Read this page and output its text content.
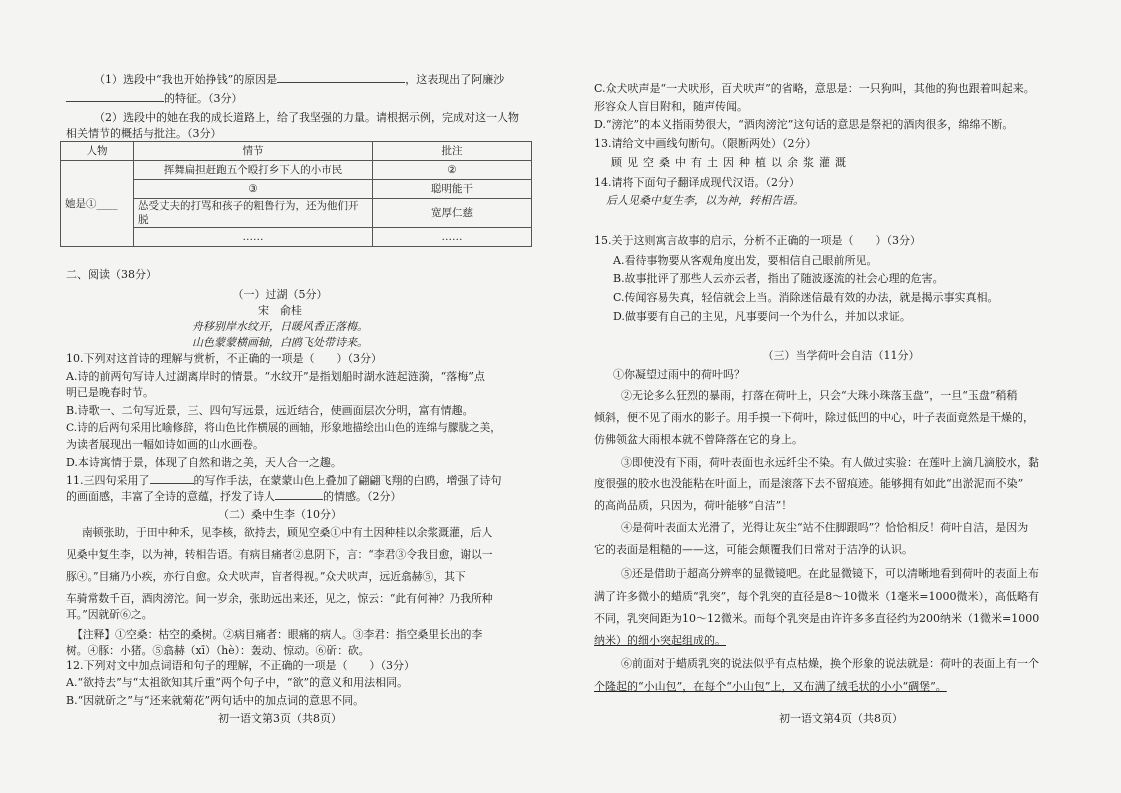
（1）选段中“我也开始挣钱”的原因是	，这表现出了阿廉沙
的特征。（3分）
（2）选段中的她在我的成长道路上，给了我坚强的力量。请根据示例，完成对这一人物
相关情节的概括与批注。（3分）
人物	情节	批注
她是①____	挥舞扁担赶跑五个殴打乡下人的小市民	②
	③	聪明能干
	怂受丈夫的打骂和孩子的粗鲁行为，还为他们开脱	宽厚仁慈
	……	……
二、阅读（38分）
（一）过湖（5分）
宋　俞桂
舟移别岸水纹开，日暖风香正落梅。
山色蒙蒙横画轴，白鸥飞处带诗来。
10.下列对这首诗的理解与赏析，不正确的一项是（　　）（3分）
A.诗的前两句写诗人过湖离岸时的情景。“水纹开”是指划船时湖水涟起涟漪，“落梅”点
明已是晚春时节。
B.诗歌一、二句写近景，三、四句写远景，远近结合，使画面层次分明，富有情趣。
C.诗的后两句采用比喻修辞，将山色比作横展的画轴，形象地描绘出山色的连绵与朦胧之美，
为读者展现出一幅如诗如画的山水画卷。
D.本诗寓情于景，体现了自然和谐之美，天人合一之趣。
11.三四句采用了	的写作手法，在蒙蒙山色上叠加了翩翩飞翔的白鸥，增强了诗句
的画面感，丰富了全诗的意蕴，抒发了诗人	的情感。（2分）
（二）桑中生李（10分）
南顿张助，于田中种禾，见李核，欲持去，顾见空桑①中有土因种桂以余浆溉灌，后人
见桑中复生李，以为神，转相告语。有病目痛者②息阴下，言：“李君③令我目愈，谢以一
豚④。”目痛乃小疾，亦行自愈。众犬吠声，盲者得视。”众犬吠声，远近翕赫⑤，其下
车骑常数千百，酒肉滂沱。间一岁余，张助远出来还，见之，惊云：“此有何神？乃我所种
耳。”因就斫⑥之。
【注释】①空桑：枯空的桑树。②病目痛者：眼痛的病人。③李君：指空桑里长出的李
树。④豚：小猪。⑤翕赫（xī）（hè）：轰动、惊动。⑥斫：砍。
12.下列对文中加点词语和句子的理解，不正确的一项是（　　）（3分）
A.“欲持去”与“太祖欲知其斤重”两个句子中，“欲”的意义和用法相同。
B.“因就斫之”与“还来就菊花”两句话中的加点词的意思不同。
初一语文第3页（共8页）
C.众犬吠声是“一犬吠形，百犬吠声”的省略，意思是：一只狗叫，其他的狗也跟着叫起来。
形容众人盲目附和，随声传闻。
D.“滂沱”的本义指雨势很大，“酒肉滂沱”这句话的意思是祭祀的酒肉很多，绵绵不断。
13.请给文中画线句断句。（限断两处）（2分）
顾 见 空 桑 中 有 土 因 种 植 以 余 浆 灌 溉
14.请将下面句子翻译成现代汉语。（2分）
后人见桑中复生李，以为神，转相告语。
15.关于这则寓言故事的启示，分析不正确的一项是（　　）（3分）
A.看待事物要从客观角度出发，要相信自己眼前所见。
B.故事批评了那些人云亦云者，指出了随波逐流的社会心理的危害。
C.传闻容易失真，轻信就会上当。消除迷信最有效的办法，就是揭示事实真相。
D.做事要有自己的主见，凡事要问一个为什么，并加以求证。
（三）当学荷叶会自洁（11分）
①你凝望过雨中的荷叶吗？
②无论多么狂烈的暴雨，打落在荷叶上，只会“大珠小珠落玉盘”，一旦“玉盘”稍稍
倾斜，便不见了雨水的影子。用手摸一下荷叶，除过低凹的中心，叶子表面竟然是干燥的，
仿佛领盆大雨根本就不曾降落在它的身上。
③即使没有下雨，荷叶表面也永远纤尘不染。有人做过实验：在莲叶上滴几滴胶水，黏
度很强的胶水也没能粘在叶面上，而是滚落下去不留痕迹。能够拥有如此“出淤泥而不染”
的高尚品质，只因为，荷叶能够“自洁”！
④是荷叶表面太光滑了，光得让灰尘“站不住脚跟吗”？恰恰相反！荷叶自洁，是因为
它的表面是粗糙的——这，可能会颠覆我们日常对于洁净的认识。
⑤还是借助于超高分辨率的显微镜吧。在此显微镜下，可以清晰地看到荷叶的表面上布
满了许多微小的蜡质“乳突”，每个乳突的直径是8～10微米（1毫米=1000微米），高低略有
不同，乳突间距为10～12微米。而每个乳突是由许许多多直径约为200纳米（1微米=1000
纳米）的细小突起组成的。
⑥前面对于蜡质乳突的说法似乎有点枯燥，换个形象的说法就是：荷叶的表面上有一个
个隆起的“小山包”，在每个“小山包”上，又布满了绒毛状的小小“碉堡”。
初一语文第4页（共8页）
